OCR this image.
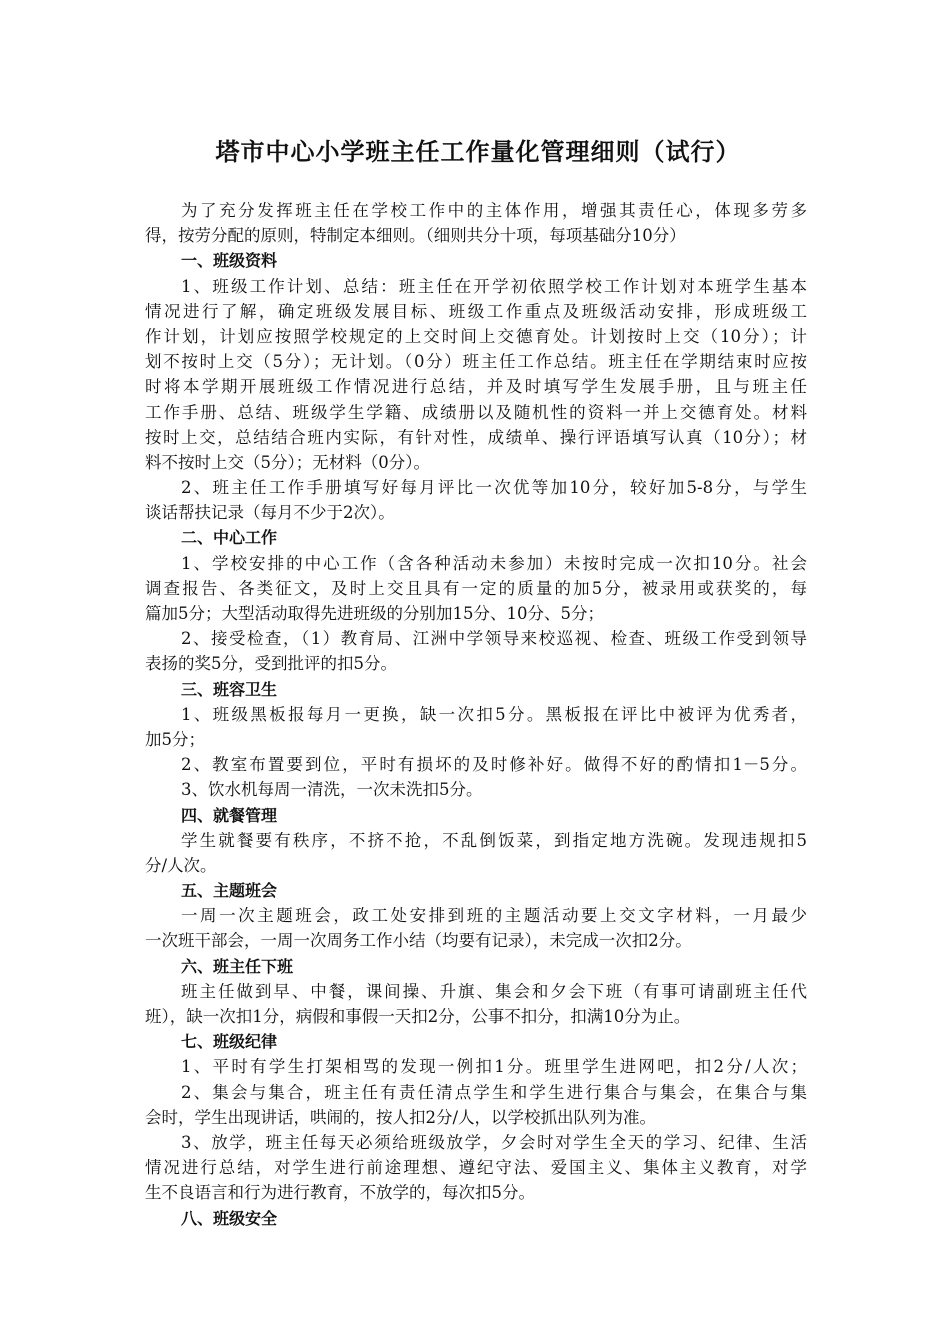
塔市中心小学班主任工作量化管理细则（试行）
为了充分发挥班主任在学校工作中的主体作用，增强其责任心，体现多劳多
得，按劳分配的原则，特制定本细则。（细则共分十项，每项基础分10分）
一、班级资料
1、班级工作计划、总结：班主任在开学初依照学校工作计划对本班学生基本
情况进行了解，确定班级发展目标、班级工作重点及班级活动安排，形成班级工
作计划，计划应按照学校规定的上交时间上交德育处。计划按时上交（10分）；计
划不按时上交（5分）；无计划。（0分）班主任工作总结。班主任在学期结束时应按
时将本学期开展班级工作情况进行总结，并及时填写学生发展手册，且与班主任
工作手册、总结、班级学生学籍、成绩册以及随机性的资料一并上交德育处。材料
按时上交，总结结合班内实际，有针对性，成绩单、操行评语填写认真（10分）；材
料不按时上交（5分）；无材料（0分）。
2、班主任工作手册填写好每月评比一次优等加10分，较好加5-8分，与学生
谈话帮扶记录（每月不少于2次）。
二、中心工作
1、学校安排的中心工作（含各种活动未参加）未按时完成一次扣10分。社会
调查报告、各类征文，及时上交且具有一定的质量的加5分，被录用或获奖的，每
篇加5分；大型活动取得先进班级的分别加15分、10分、5分；
2、接受检查，（1）教育局、江洲中学领导来校巡视、检查、班级工作受到领导
表扬的奖5分，受到批评的扣5分。
三、班容卫生
1、班级黑板报每月一更换，缺一次扣5分。黑板报在评比中被评为优秀者，
加5分；
2、教室布置要到位，平时有损坏的及时修补好。做得不好的酌情扣1－5分。
3、饮水机每周一清洗，一次未洗扣5分。
四、就餐管理
学生就餐要有秩序，不挤不抢，不乱倒饭菜，到指定地方洗碗。发现违规扣5
分/人次。
五、主题班会
一周一次主题班会，政工处安排到班的主题活动要上交文字材料，一月最少
一次班干部会，一周一次周务工作小结（均要有记录），未完成一次扣2分。
六、班主任下班
班主任做到早、中餐，课间操、升旗、集会和夕会下班（有事可请副班主任代
班），缺一次扣1分，病假和事假一天扣2分，公事不扣分，扣满10分为止。
七、班级纪律
1、平时有学生打架相骂的发现一例扣1分。班里学生进网吧，扣2分/人次；
2、集会与集合，班主任有责任清点学生和学生进行集合与集会，在集合与集
会时，学生出现讲话，哄闹的，按人扣2分/人，以学校抓出队列为准。
3、放学，班主任每天必须给班级放学，夕会时对学生全天的学习、纪律、生活
情况进行总结，对学生进行前途理想、遵纪守法、爱国主义、集体主义教育，对学
生不良语言和行为进行教育，不放学的，每次扣5分。
八、班级安全
